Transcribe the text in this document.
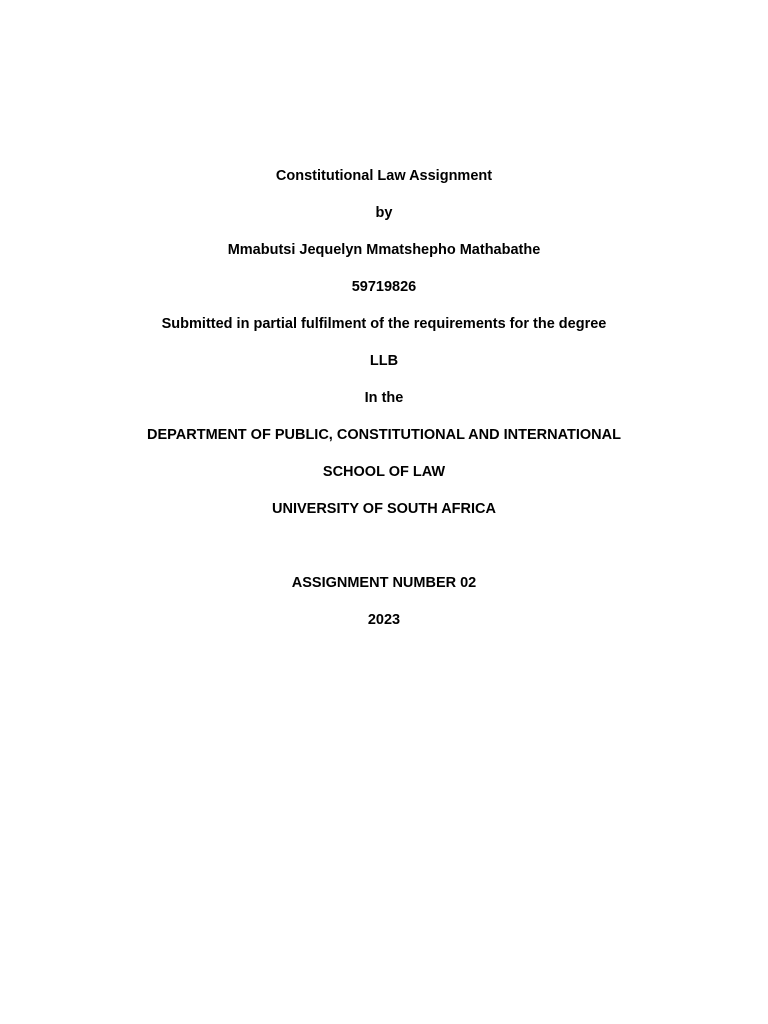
Constitutional Law Assignment
by
Mmabutsi Jequelyn Mmatshepho Mathabathe
59719826
Submitted in partial fulfilment of the requirements for the degree
LLB
In the
DEPARTMENT OF PUBLIC, CONSTITUTIONAL AND INTERNATIONAL
SCHOOL OF LAW
UNIVERSITY OF SOUTH AFRICA
ASSIGNMENT NUMBER 02
2023
